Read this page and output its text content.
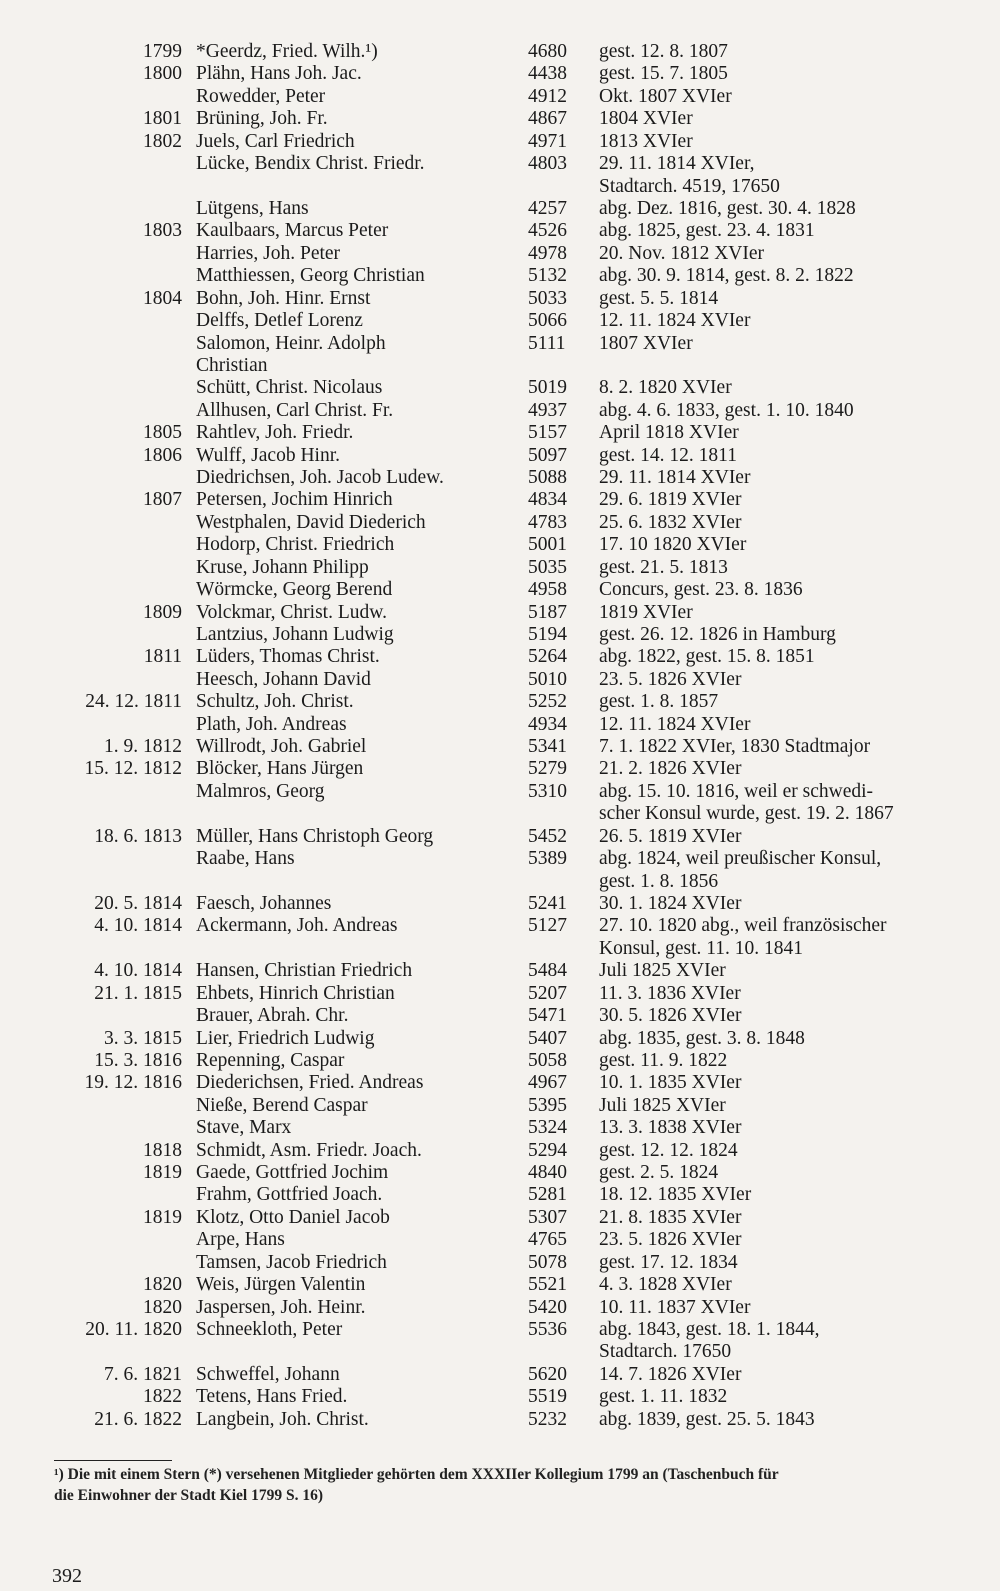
1799 *Geerdz, Fried. Wilh.¹)	4680 gest. 12. 8. 1807
1800 Plähn, Hans Joh. Jac.	4438 gest. 15. 7. 1805
Rowedder, Peter	4912 Okt. 1807 XVIer
1801 Brüning, Joh. Fr.	4867 1804 XVIer
1802 Juels, Carl Friedrich	4971 1813 XVIer
Lücke, Bendix Christ. Friedr.	4803 29. 11. 1814 XVIer,
Stadtarch. 4519, 17650
Lütgens, Hans	4257 abg. Dez. 1816, gest. 30. 4. 1828
1803 Kaulbaars, Marcus Peter	4526 abg. 1825, gest. 23. 4. 1831
Harries, Joh. Peter	4978 20. Nov. 1812 XVIer
Matthiessen, Georg Christian	5132 abg. 30. 9. 1814, gest. 8. 2. 1822
1804 Bohn, Joh. Hinr. Ernst	5033 gest. 5. 5. 1814
Delffs, Detlef Lorenz	5066 12. 11. 1824 XVIer
Salomon, Heinr. Adolph	5111 1807 XVIer
Christian
Schütt, Christ. Nicolaus	5019 8. 2. 1820 XVIer
Allhusen, Carl Christ. Fr.	4937 abg. 4. 6. 1833, gest. 1. 10. 1840
1805 Rahtlev, Joh. Friedr.	5157 April 1818 XVIer
1806 Wulff, Jacob Hinr.	5097 gest. 14. 12. 1811
Diedrichsen, Joh. Jacob Ludew.	5088 29. 11. 1814 XVIer
1807 Petersen, Jochim Hinrich	4834 29. 6. 1819 XVIer
Westphalen, David Diederich	4783 25. 6. 1832 XVIer
Hodorp, Christ. Friedrich	5001 17. 10 1820 XVIer
Kruse, Johann Philipp	5035 gest. 21. 5. 1813
Wörmcke, Georg Berend	4958 Concurs, gest. 23. 8. 1836
1809 Volckmar, Christ. Ludw.	5187 1819 XVIer
Lantzius, Johann Ludwig	5194 gest. 26. 12. 1826 in Hamburg
1811 Lüders, Thomas Christ.	5264 abg. 1822, gest. 15. 8. 1851
Heesch, Johann David	5010 23. 5. 1826 XVIer
24. 12. 1811 Schultz, Joh. Christ.	5252 gest. 1. 8. 1857
Plath, Joh. Andreas	4934 12. 11. 1824 XVIer
1. 9. 1812 Willrodt, Joh. Gabriel	5341 7. 1. 1822 XVIer, 1830 Stadtmajor
15. 12. 1812 Blöcker, Hans Jürgen	5279 21. 2. 1826 XVIer
Malmros, Georg	5310 abg. 15. 10. 1816, weil er schwedi-
scher Konsul wurde, gest. 19. 2. 1867
18. 6. 1813 Müller, Hans Christoph Georg	5452 26. 5. 1819 XVIer
Raabe, Hans	5389 abg. 1824, weil preußischer Konsul,
gest. 1. 8. 1856
20. 5. 1814 Faesch, Johannes	5241 30. 1. 1824 XVIer
4. 10. 1814 Ackermann, Joh. Andreas	5127 27. 10. 1820 abg., weil französischer
Konsul, gest. 11. 10. 1841
4. 10. 1814 Hansen, Christian Friedrich	5484 Juli 1825 XVIer
21. 1. 1815 Ehbets, Hinrich Christian	5207 11. 3. 1836 XVIer
Brauer, Abrah. Chr.	5471 30. 5. 1826 XVIer
3. 3. 1815 Lier, Friedrich Ludwig	5407 abg. 1835, gest. 3. 8. 1848
15. 3. 1816 Repenning, Caspar	5058 gest. 11. 9. 1822
19. 12. 1816 Diederichsen, Fried. Andreas	4967 10. 1. 1835 XVIer
Nieße, Berend Caspar	5395 Juli 1825 XVIer
Stave, Marx	5324 13. 3. 1838 XVIer
1818 Schmidt, Asm. Friedr. Joach.	5294 gest. 12. 12. 1824
1819 Gaede, Gottfried Jochim	4840 gest. 2. 5. 1824
Frahm, Gottfried Joach.	5281 18. 12. 1835 XVIer
1819 Klotz, Otto Daniel Jacob	5307 21. 8. 1835 XVIer
Arpe, Hans	4765 23. 5. 1826 XVIer
Tamsen, Jacob Friedrich	5078 gest. 17. 12. 1834
1820 Weis, Jürgen Valentin	5521 4. 3. 1828 XVIer
1820 Jaspersen, Joh. Heinr.	5420 10. 11. 1837 XVIer
20. 11. 1820 Schneekloth, Peter	5536 abg. 1843, gest. 18. 1. 1844,
Stadtarch. 17650
7. 6. 1821 Schweffel, Johann	5620 14. 7. 1826 XVIer
1822 Tetens, Hans Fried.	5519 gest. 1. 11. 1832
21. 6. 1822 Langbein, Joh. Christ.	5232 abg. 1839, gest. 25. 5. 1843
¹) Die mit einem Stern (*) versehenen Mitglieder gehörten dem XXXIIer Kollegium 1799 an (Taschenbuch für
die Einwohner der Stadt Kiel 1799 S. 16)
392
